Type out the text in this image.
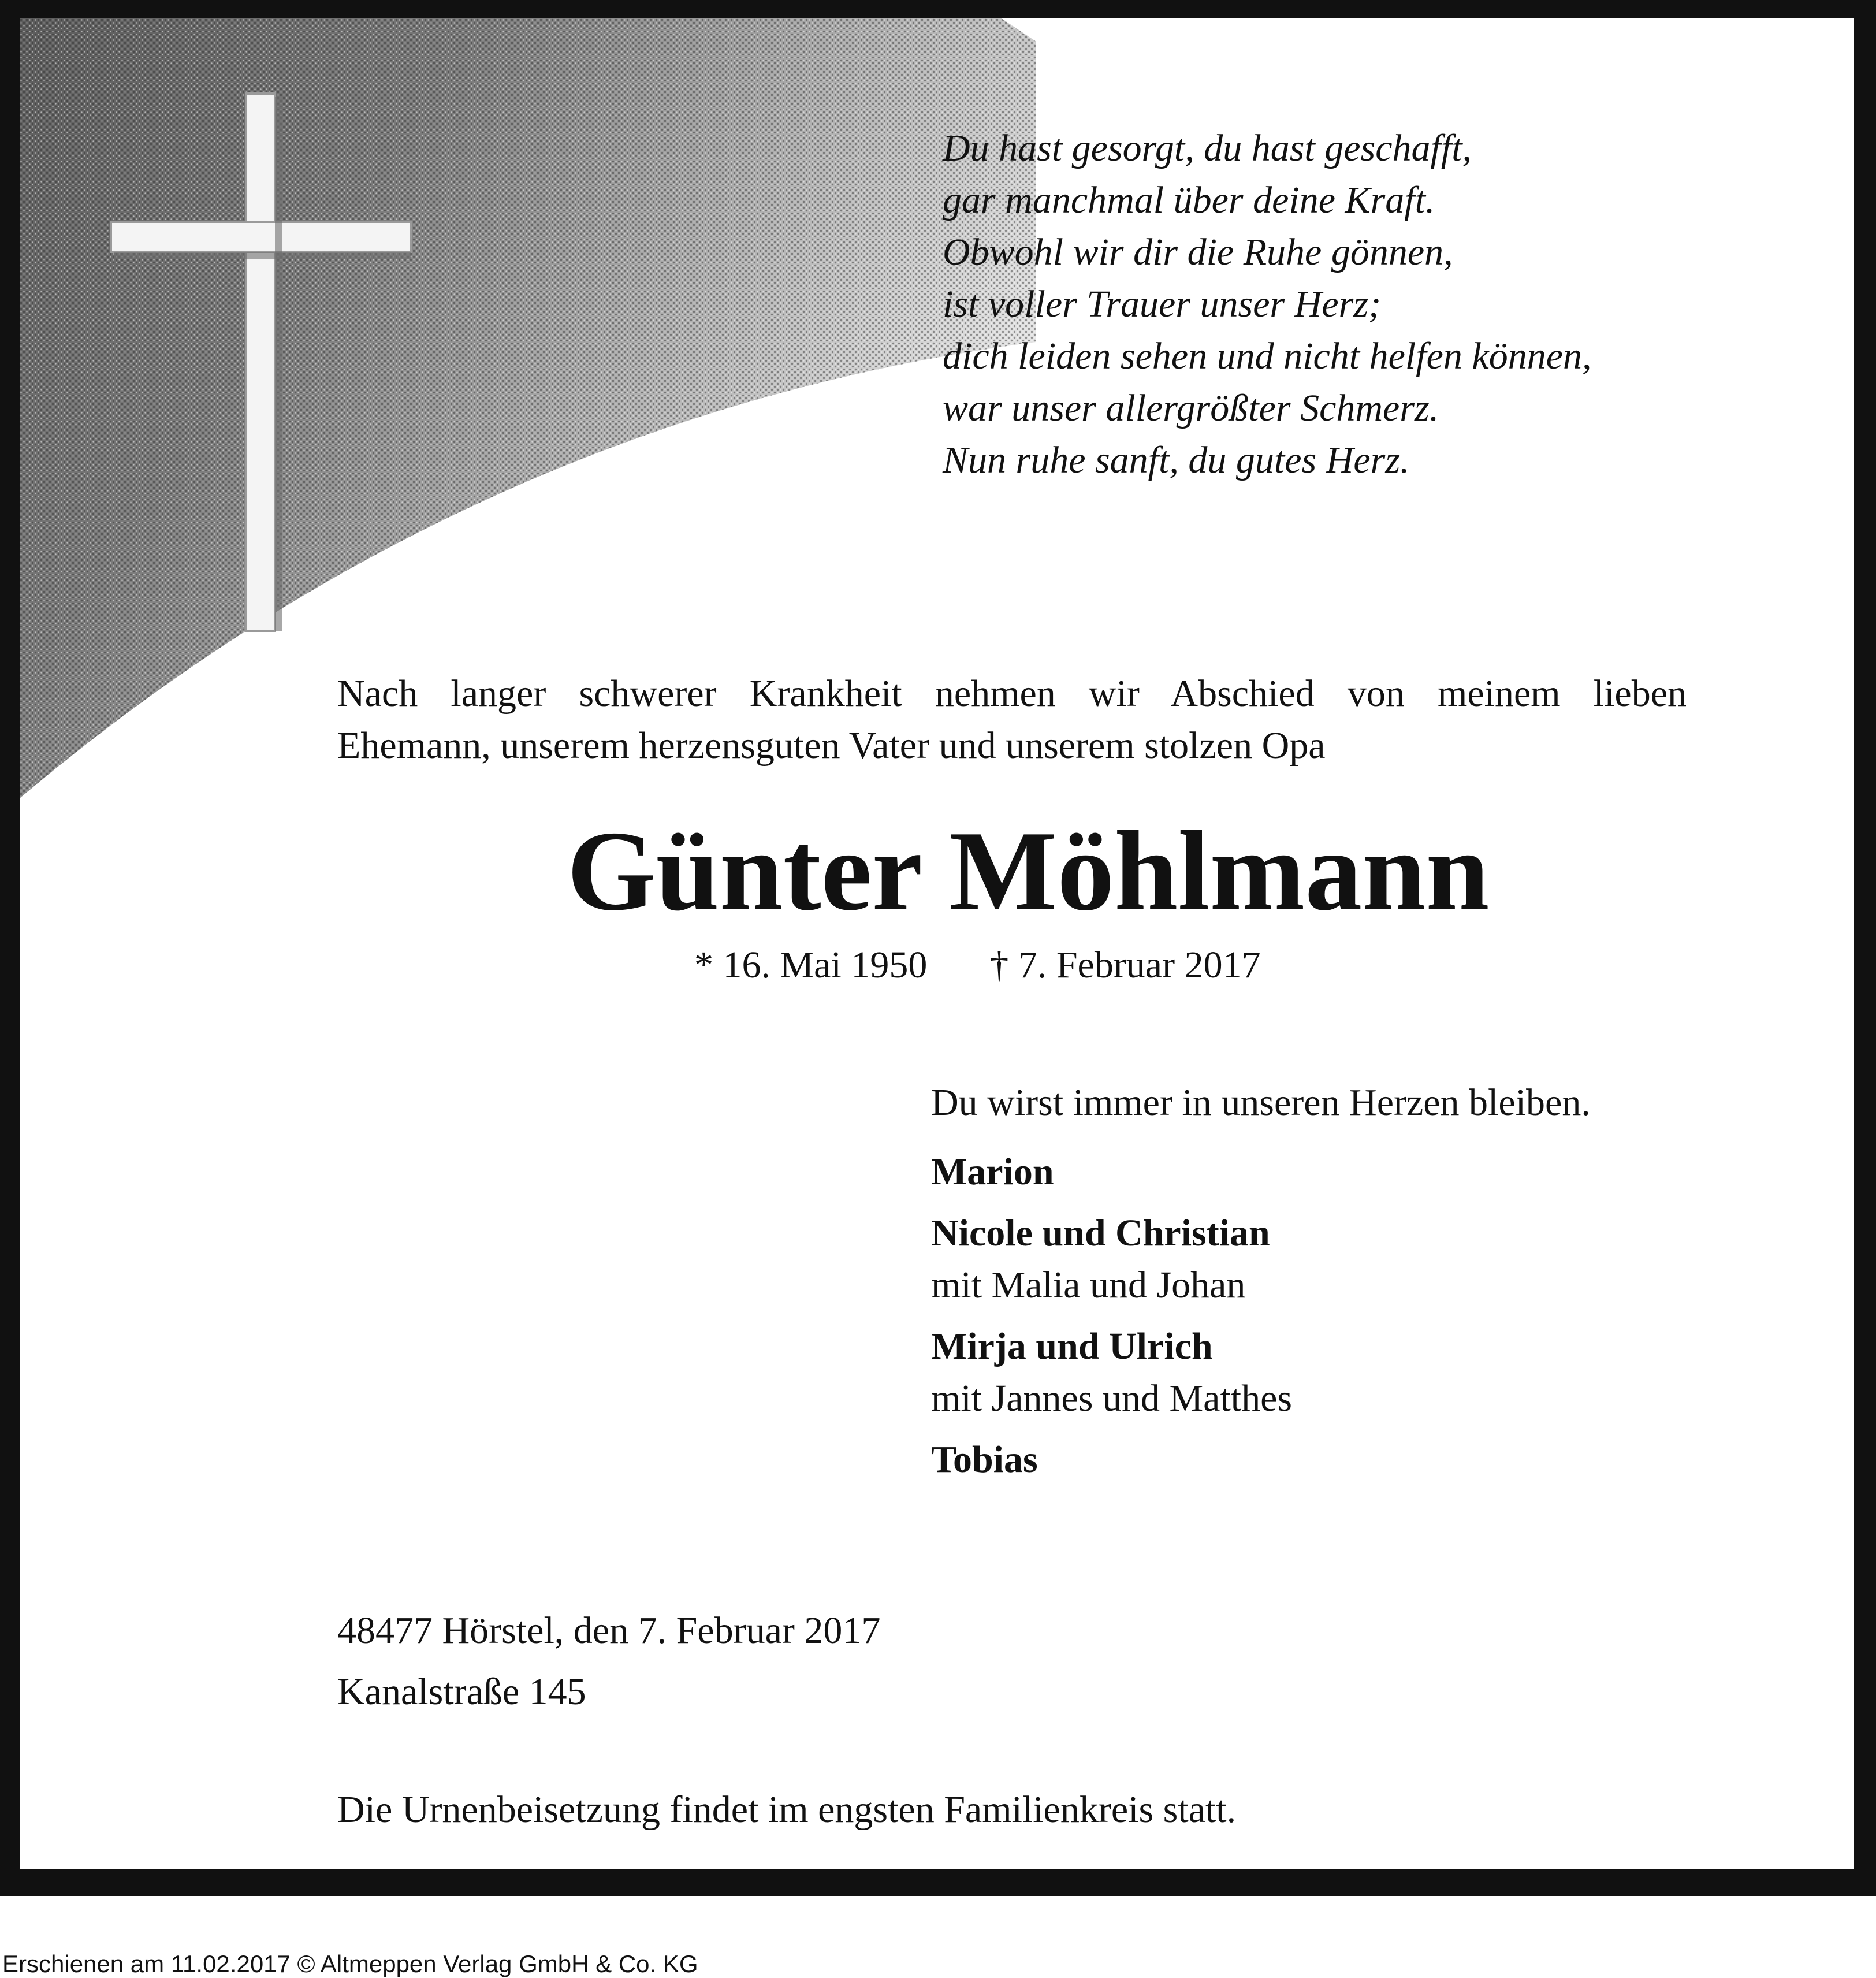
Du hast gesorgt, du hast geschafft,
gar manchmal über deine Kraft.
Obwohl wir dir die Ruhe gönnen,
ist voller Trauer unser Herz;
dich leiden sehen und nicht helfen können,
war unser allergrößter Schmerz.
Nun ruhe sanft, du gutes Herz.
Nach langer schwerer Krankheit nehmen wir Abschied von meinem lieben
Ehemann, unserem herzensguten Vater und unserem stolzen Opa
Günter Möhlmann
* 16. Mai 1950 † 7. Februar 2017
Du wirst immer in unseren Herzen bleiben.
Marion
Nicole und Christian
mit Malia und Johan
Mirja und Ulrich
mit Jannes und Matthes
Tobias
48477 Hörstel, den 7. Februar 2017
Kanalstraße 145
Die Urnenbeisetzung findet im engsten Familienkreis statt.
Erschienen am 11.02.2017 © Altmeppen Verlag GmbH & Co. KG
